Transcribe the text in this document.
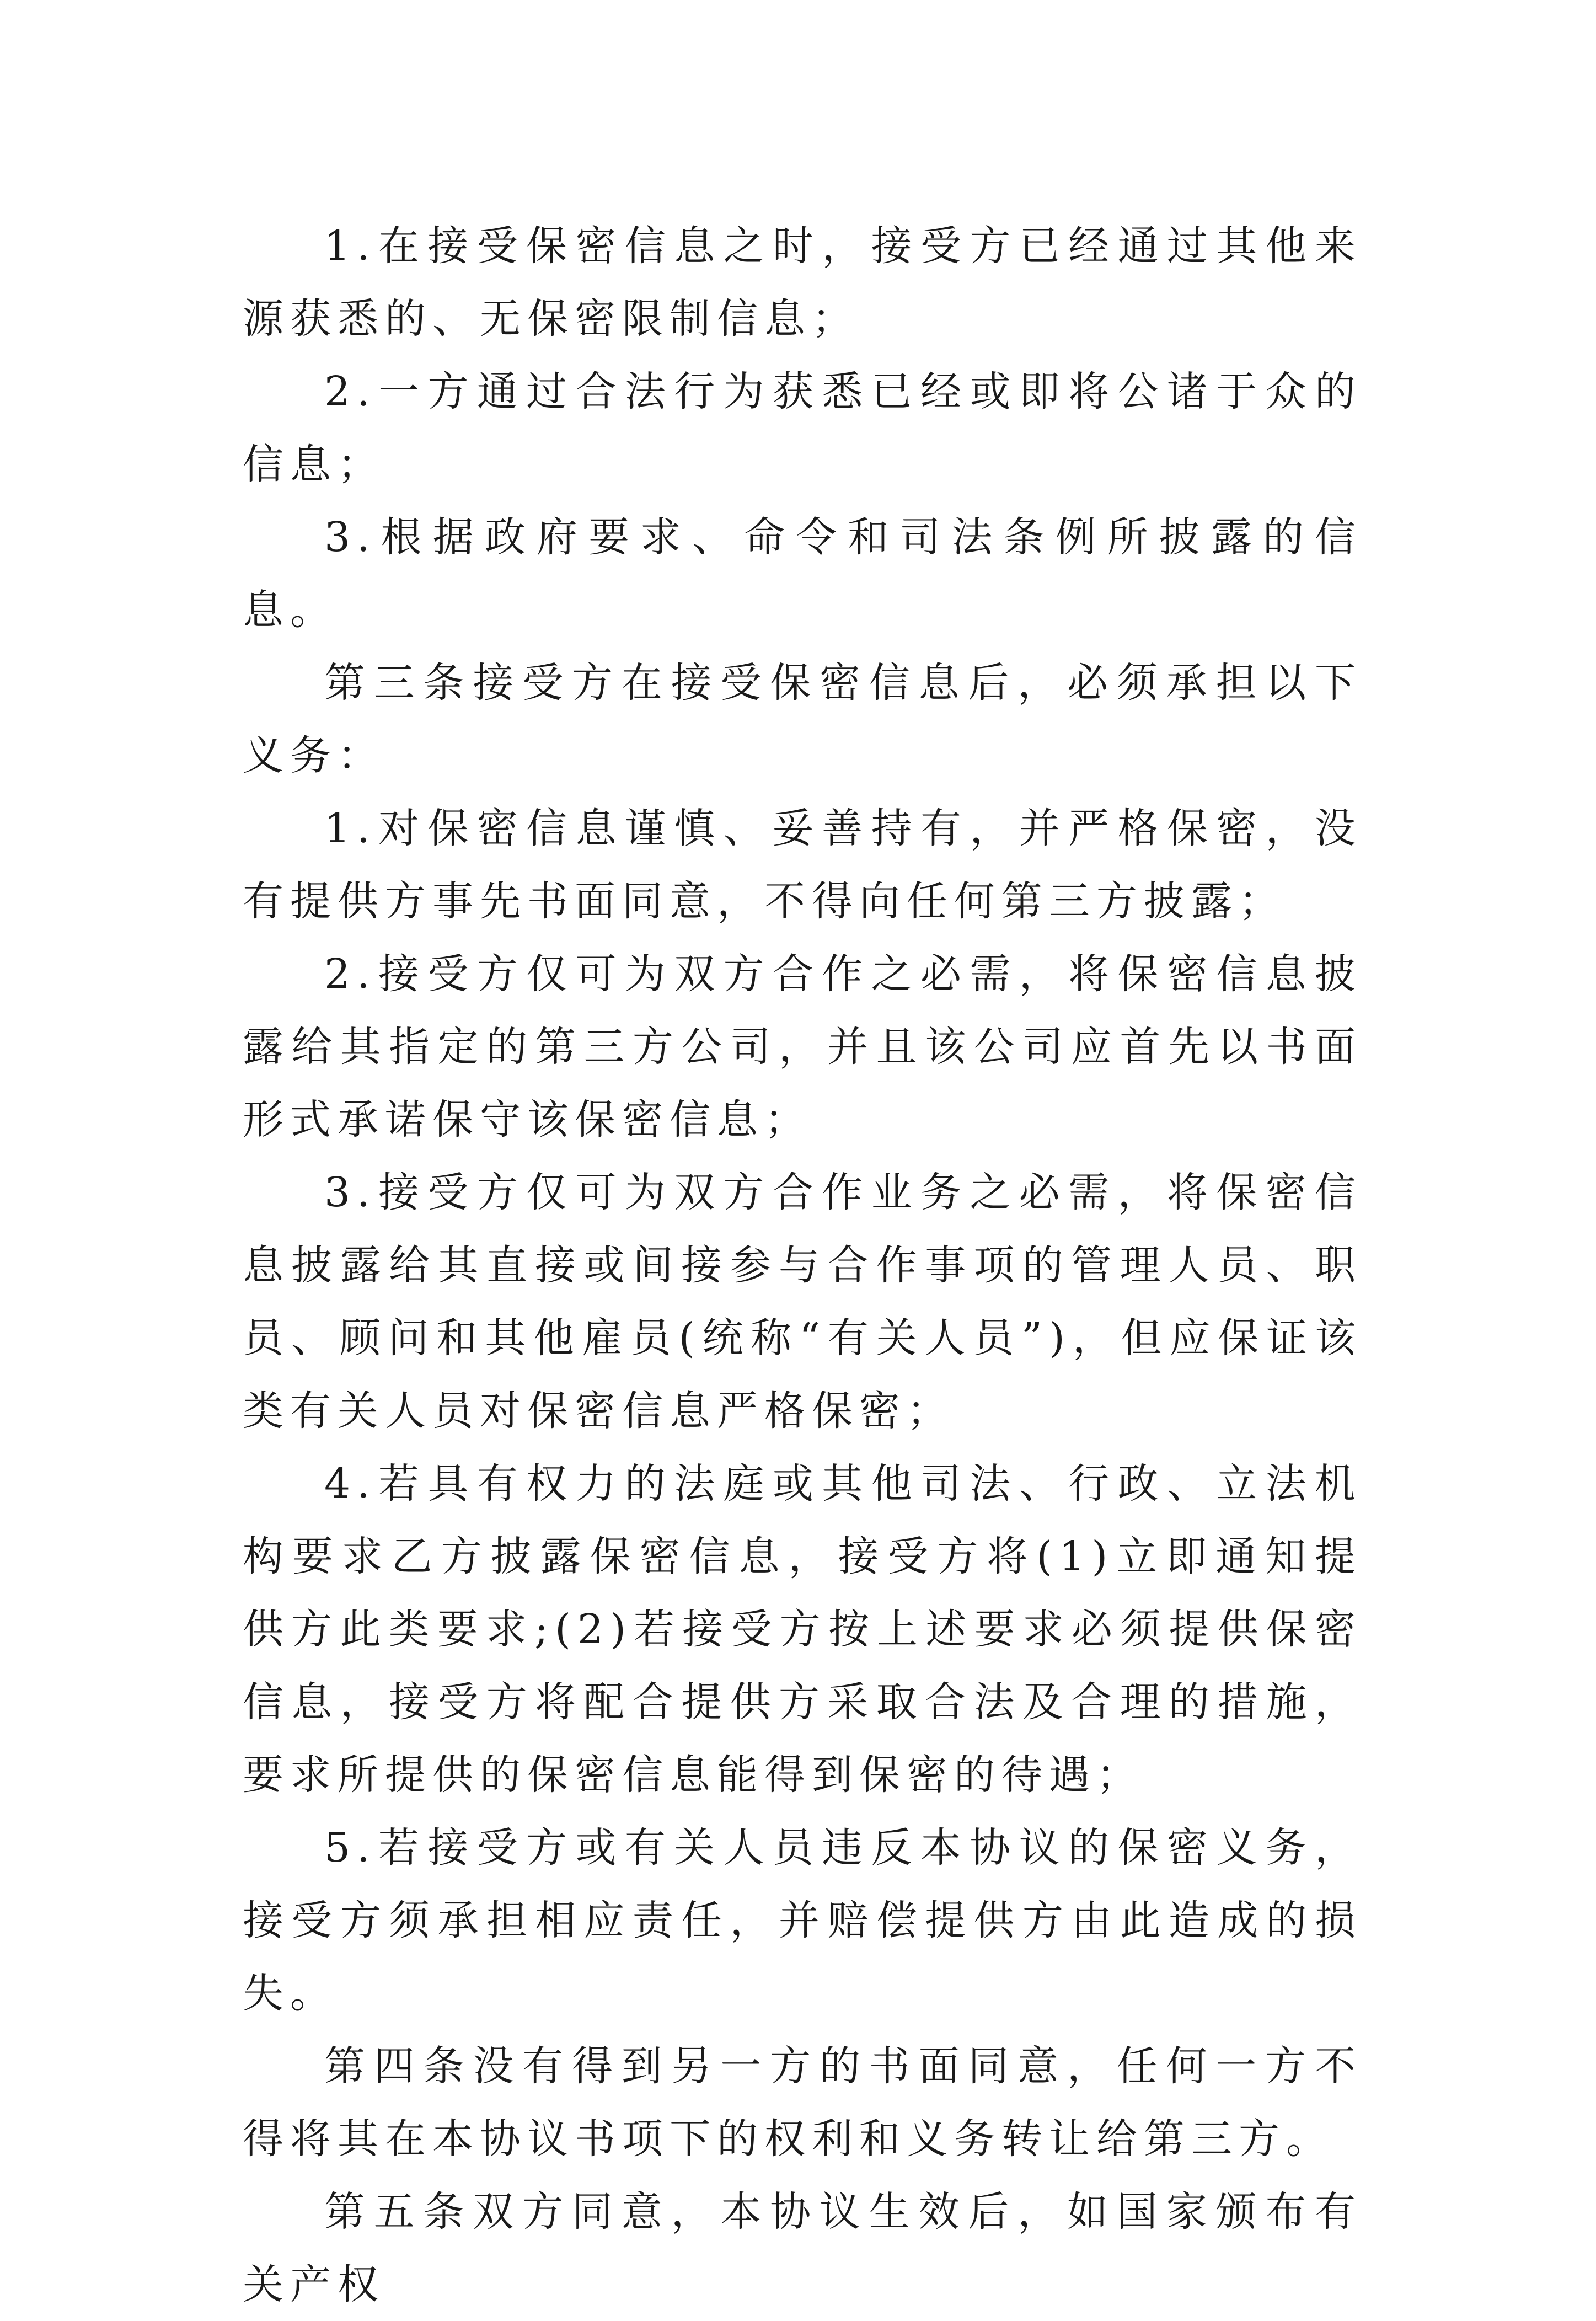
1.在接受保密信息之时，接受方已经通过其他来源获悉的、无保密限制信息；

2.一方通过合法行为获悉已经或即将公诸于众的信息；

3.根据政府要求、命令和司法条例所披露的信息。

第三条接受方在接受保密信息后，必须承担以下义务：

1.对保密信息谨慎、妥善持有，并严格保密，没有提供方事先书面同意，不得向任何第三方披露；

2.接受方仅可为双方合作之必需，将保密信息披露给其指定的第三方公司，并且该公司应首先以书面形式承诺保守该保密信息；

3.接受方仅可为双方合作业务之必需，将保密信息披露给其直接或间接参与合作事项的管理人员、职员、顾问和其他雇员(统称“有关人员”)，但应保证该类有关人员对保密信息严格保密；

4.若具有权力的法庭或其他司法、行政、立法机构要求乙方披露保密信息，接受方将(1)立即通知提供方此类要求;(2)若接受方按上述要求必须提供保密信息，接受方将配合提供方采取合法及合理的措施，要求所提供的保密信息能得到保密的待遇；

5.若接受方或有关人员违反本协议的保密义务，接受方须承担相应责任，并赔偿提供方由此造成的损失。

第四条没有得到另一方的书面同意，任何一方不得将其在本协议书项下的权利和义务转让给第三方。

第五条双方同意，本协议生效后，如国家颁布有关产权
